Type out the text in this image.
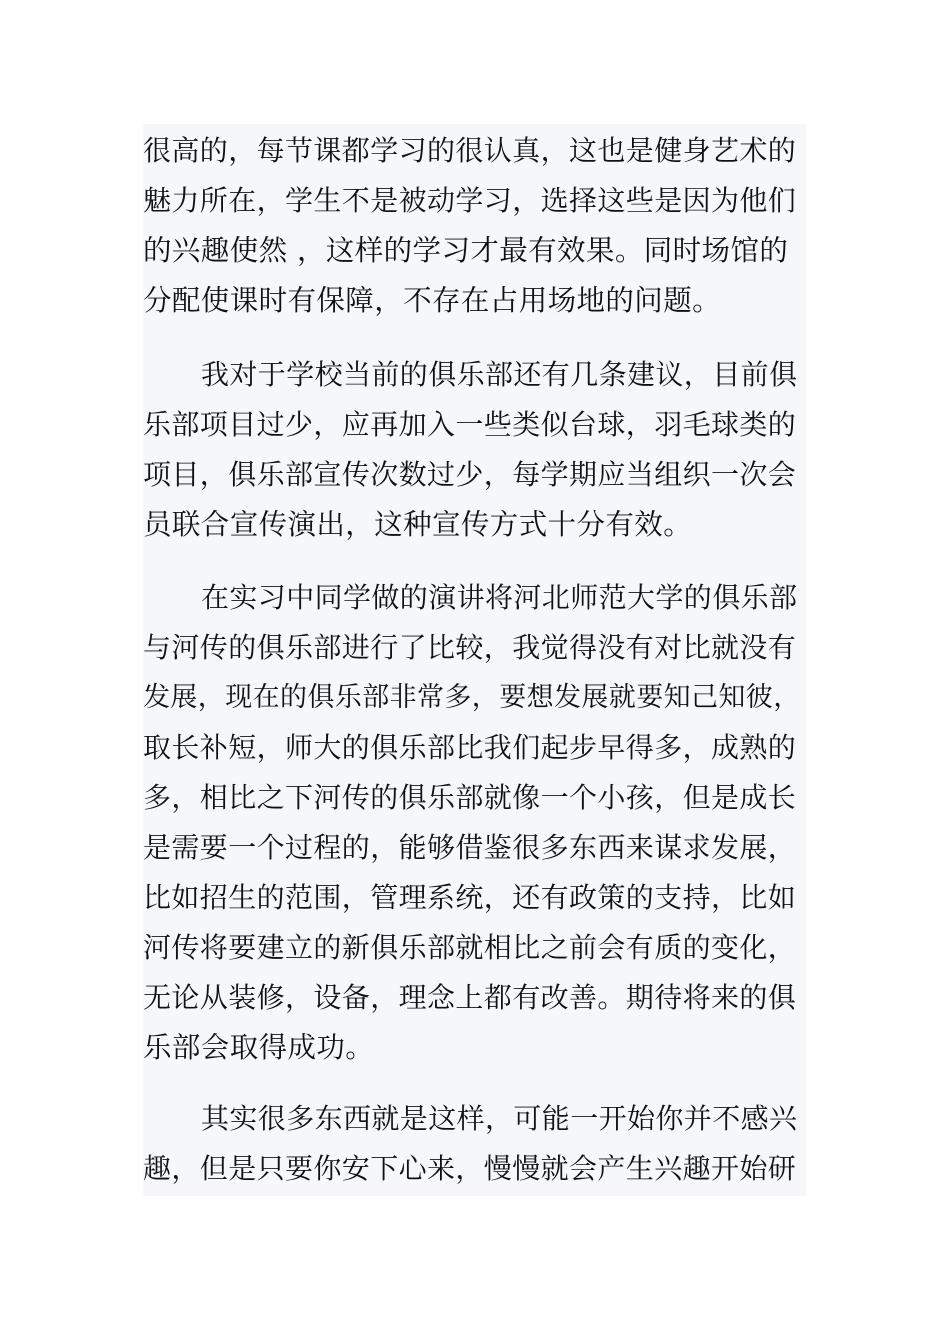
很高的，每节课都学习的很认真，这也是健身艺术的
魅力所在，学生不是被动学习，选择这些是因为他们
的兴趣使然 ，这样的学习才最有效果。同时场馆的
分配使课时有保障，不存在占用场地的问题。
我对于学校当前的俱乐部还有几条建议，目前俱
乐部项目过少，应再加入一些类似台球，羽毛球类的
项目，俱乐部宣传次数过少，每学期应当组织一次会
员联合宣传演出，这种宣传方式十分有效。
在实习中同学做的演讲将河北师范大学的俱乐部
与河传的俱乐部进行了比较，我觉得没有对比就没有
发展，现在的俱乐部非常多，要想发展就要知己知彼，
取长补短，师大的俱乐部比我们起步早得多，成熟的
多，相比之下河传的俱乐部就像一个小孩，但是成长
是需要一个过程的，能够借鉴很多东西来谋求发展，
比如招生的范围，管理系统，还有政策的支持，比如
河传将要建立的新俱乐部就相比之前会有质的变化，
无论从装修，设备，理念上都有改善。期待将来的俱
乐部会取得成功。
其实很多东西就是这样，可能一开始你并不感兴
趣，但是只要你安下心来，慢慢就会产生兴趣开始研
